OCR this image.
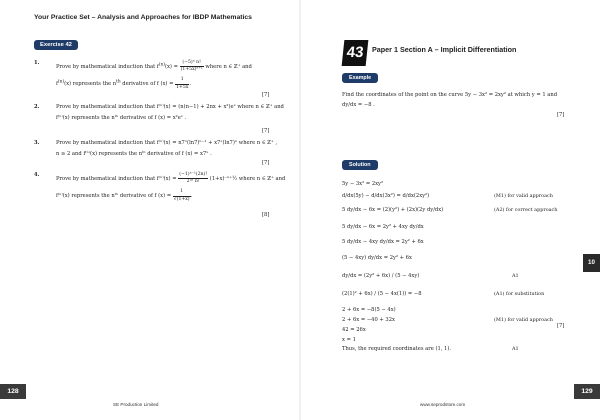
Your Practice Set – Analysis and Approaches for IBDP Mathematics
Exercise 42
1.
Prove by mathematical induction that $f^{(n)}(x) = \frac{\text{(−5)ⁿ n!}}{\text{(1+5x)ⁿ⁺¹}}$ where n ∈ ℤ⁺ and
$f^{(n)}(x)$ represents the $n^{th}$ derivative of f $(x) = \frac{1}{1+5x}$ .
[7]
2.	Prove by mathematical induction that f⁽ⁿ⁾(x) = (n(n−1) + 2nx + x²)eˣ where n ∈ ℤ⁺ and
f⁽ⁿ⁾(x) represents the nᵗʰ derivative of f (x) = x²eˣ .
[7]
3.	Prove by mathematical induction that f⁽ⁿ⁾(x) = n7ˣ(ln7)ⁿ⁻¹ + x7ˣ(ln7)ⁿ where n ∈ ℤ⁺ ,
n ≥ 2 and f⁽ⁿ⁾(x) represents the nᵗʰ derivative of f (x) = x7ˣ .
[7]
4.
Prove by mathematical induction that $f^{(n)}(x) = \frac{\text{(−1)ⁿ⁻¹(2n)!}}{\text{2²ⁿ n!}}$ (1+x)⁻ⁿ⁺½ where n ∈ ℤ⁺ and
f⁽ⁿ⁾(x) represents the nᵗʰ derivative of f $(x) = \frac{1}{√(1+x)}$ .
[8]
128
SE Production Limited
43	Paper 1 Section A – Implicit Differentiation
Example
Find the coordinates of the point on the curve 5y − 3x² = 2xy² at which y = 1 and
dy/dx = −8 .
[7]
Solution
5y − 3x² = 2xy²
d/dx(5y) − d/dx(3x²) = d/dx(2xy²)	(M1) for valid approach
5 dy/dx − 6x = (2)(y²) + (2x)(2y dy/dx)	(A2) for correct approach
5 dy/dx − 6x = 2y² + 4xy dy/dx
5 dy/dx − 4xy dy/dx = 2y² + 6x
(5 − 4xy) dy/dx = 2y² + 6x
dy/dx = (2y² + 6x) / (5 − 4xy)	A1
(2(1)² + 6x) / (5 − 4x(1)) = −8	(A1) for substitution
2 + 6x = −8(5 − 4x)
2 + 6x = −40 + 32x	(M1) for valid approach
42 = 26x
x = 1
Thus, the required coordinates are (1, 1).	A1
[7]
10
129
www.seprodstore.com
